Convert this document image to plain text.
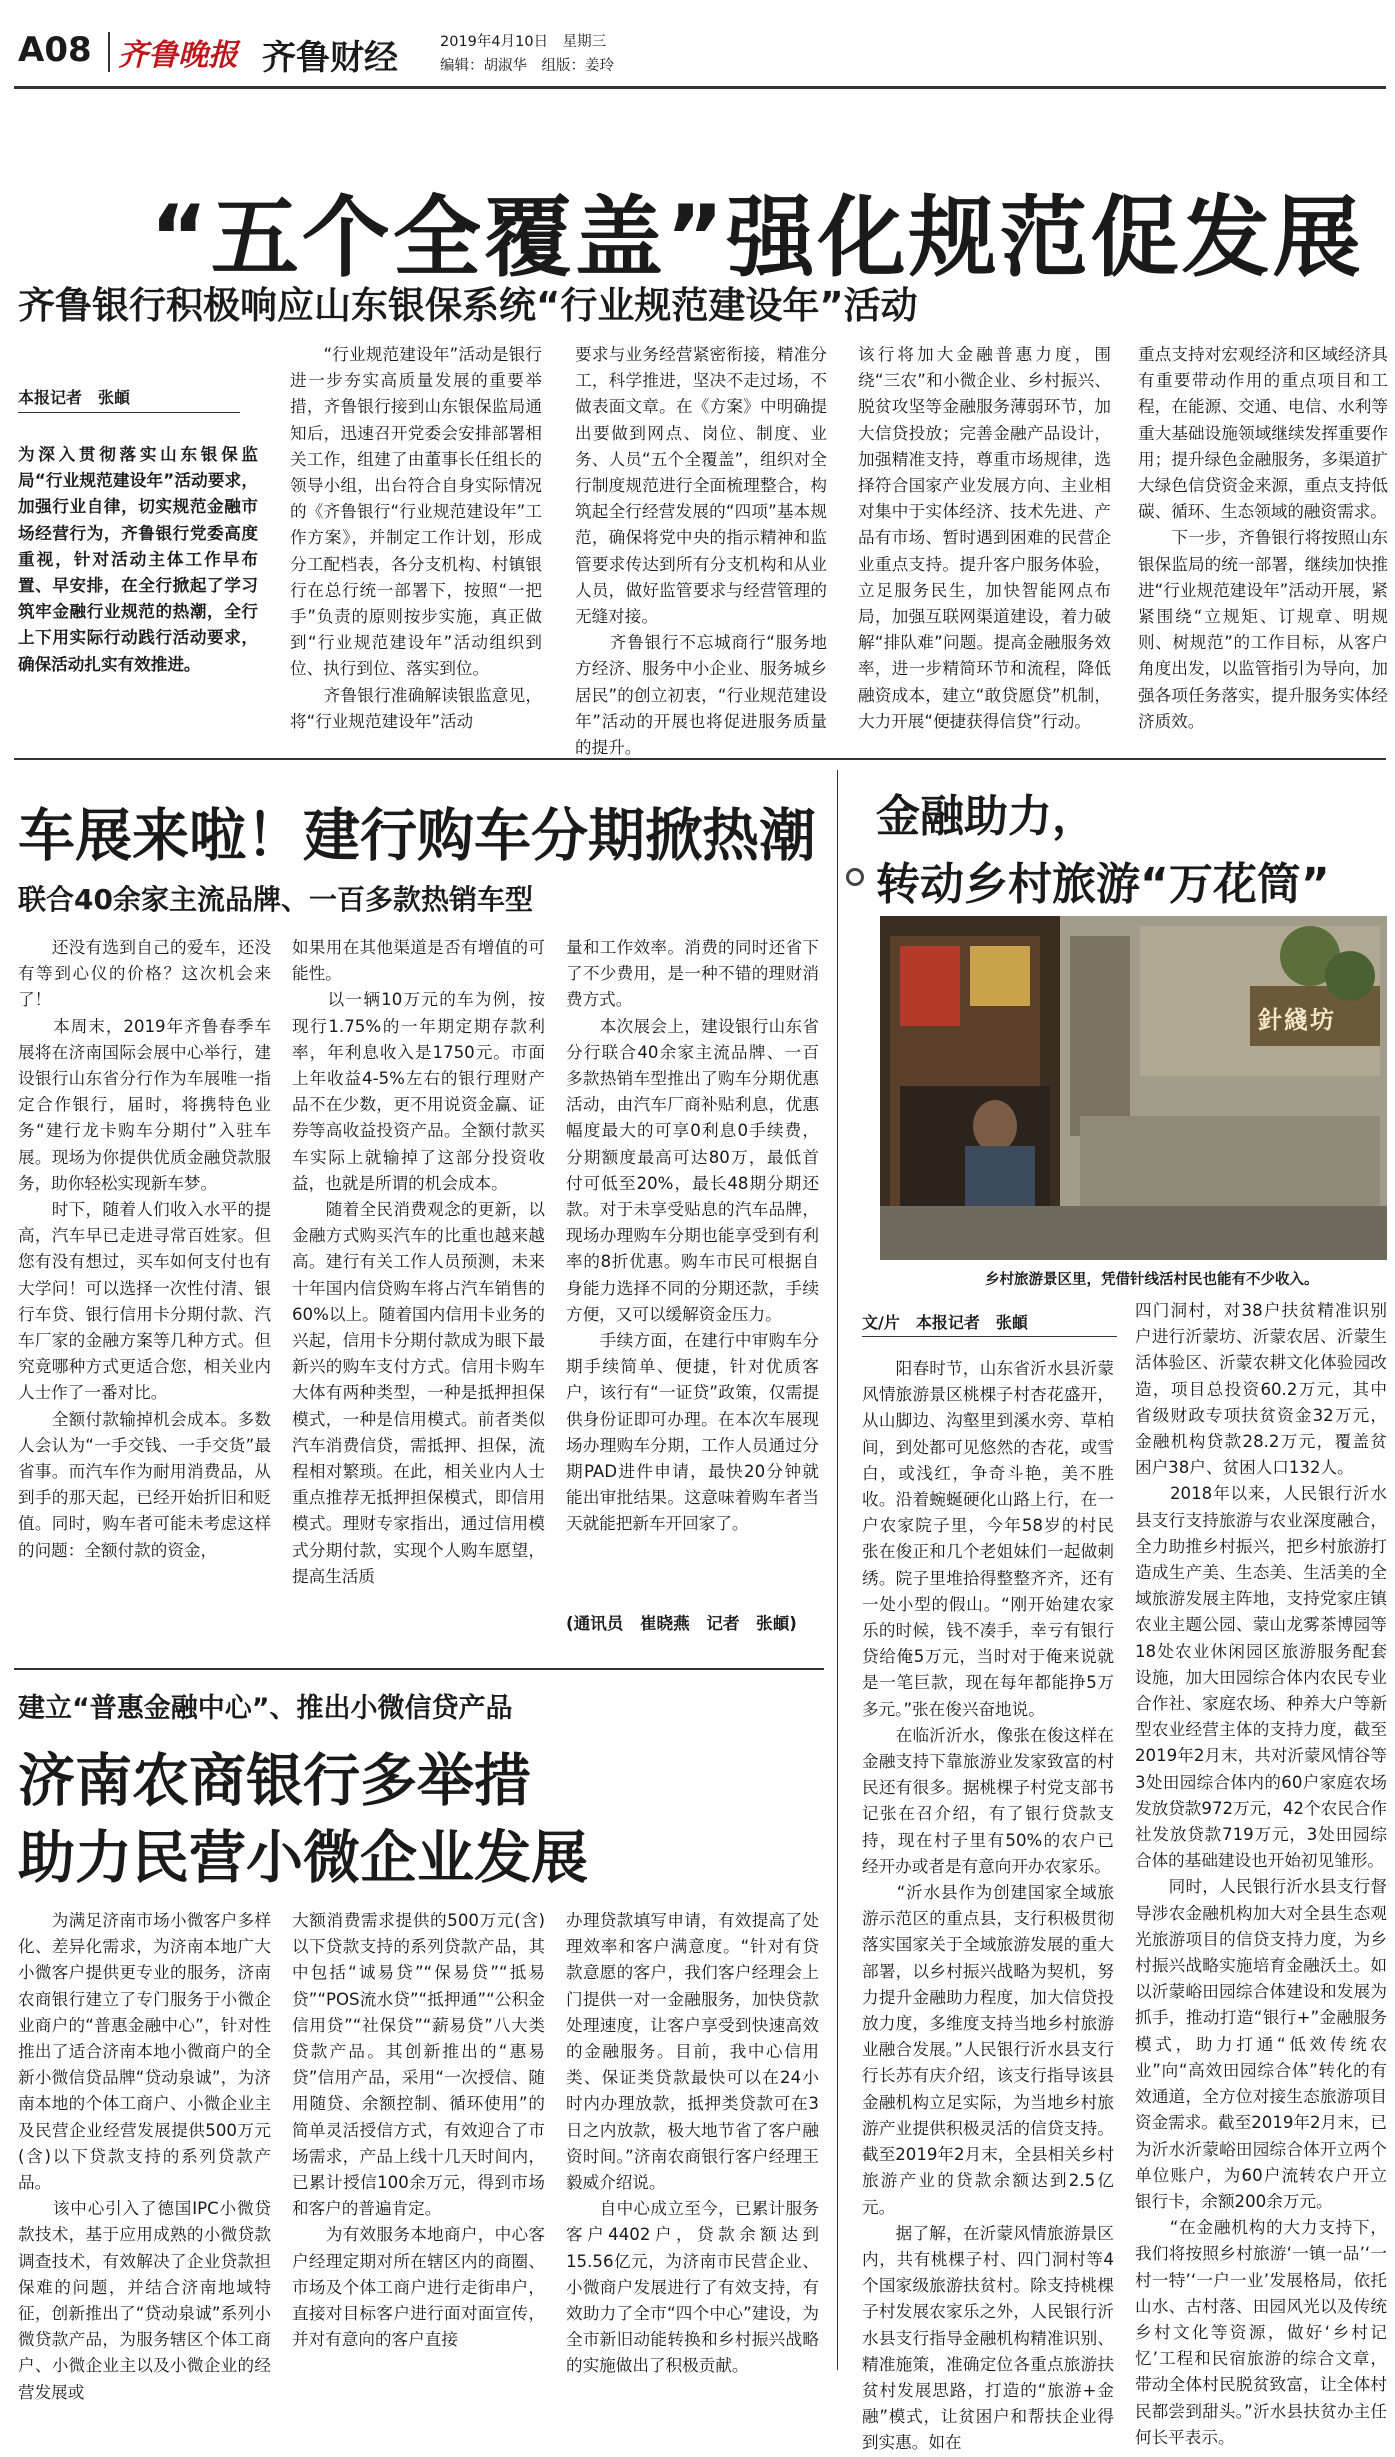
A08 齐鲁晚报 齐鲁财经	2019年4月10日　星期三
编辑：胡淑华　组版：姜玲
“五个全覆盖”强化规范促发展
齐鲁银行积极响应山东银保系统“行业规范建设年”活动
本报记者　张頔
为深入贯彻落实山东银保监局“行业规范建设年”活动要求，加强行业自律，切实规范金融市场经营行为，齐鲁银行党委高度重视，针对活动主体工作早布置、早安排，在全行掀起了学习筑牢金融行业规范的热潮，全行上下用实际行动践行活动要求，确保活动扎实有效推进。
　　“行业规范建设年”活动是银行进一步夯实高质量发展的重要举措，齐鲁银行接到山东银保监局通知后，迅速召开党委会安排部署相关工作，组建了由董事长任组长的领导小组，出台符合自身实际情况的《齐鲁银行“行业规范建设年”工作方案》，并制定工作计划，形成分工配档表，各分支机构、村镇银行在总行统一部署下，按照“一把手”负责的原则按步实施，真正做到“行业规范建设年”活动组织到位、执行到位、落实到位。
　　齐鲁银行准确解读银监意见，将“行业规范建设年”活动
要求与业务经营紧密衔接，精准分工，科学推进，坚决不走过场，不做表面文章。在《方案》中明确提出要做到网点、岗位、制度、业务、人员“五个全覆盖”，组织对全行制度规范进行全面梳理整合，构筑起全行经营发展的“四项”基本规范，确保将党中央的指示精神和监管要求传达到所有分支机构和从业人员，做好监管要求与经营管理的无缝对接。
　　齐鲁银行不忘城商行“服务地方经济、服务中小企业、服务城乡居民”的创立初衷，“行业规范建设年”活动的开展也将促进服务质量的提升。
该行将加大金融普惠力度，围绕“三农”和小微企业、乡村振兴、脱贫攻坚等金融服务薄弱环节，加大信贷投放；完善金融产品设计，加强精准支持，尊重市场规律，选择符合国家产业发展方向、主业相对集中于实体经济、技术先进、产品有市场、暂时遇到困难的民营企业重点支持。提升客户服务体验，立足服务民生，加快智能网点布局，加强互联网渠道建设，着力破解“排队难”问题。提高金融服务效率，进一步精简环节和流程，降低融资成本，建立“敢贷愿贷”机制，大力开展“便捷获得信贷”行动。
重点支持对宏观经济和区域经济具有重要带动作用的重点项目和工程，在能源、交通、电信、水利等重大基础设施领域继续发挥重要作用；提升绿色金融服务，多渠道扩大绿色信贷资金来源，重点支持低碳、循环、生态领域的融资需求。
　　下一步，齐鲁银行将按照山东银保监局的统一部署，继续加快推进“行业规范建设年”活动开展，紧紧围绕“立规矩、订规章、明规则、树规范”的工作目标，从客户角度出发，以监管指引为导向，加强各项任务落实，提升服务实体经济质效。
车展来啦！建行购车分期掀热潮
联合40余家主流品牌、一百多款热销车型
　　还没有选到自己的爱车，还没有等到心仪的价格？这次机会来了！
　　本周末，2019年齐鲁春季车展将在济南国际会展中心举行，建设银行山东省分行作为车展唯一指定合作银行，届时，将携特色业务“建行龙卡购车分期付”入驻车展。现场为你提供优质金融贷款服务，助你轻松实现新车梦。
　　时下，随着人们收入水平的提高，汽车早已走进寻常百姓家。但您有没有想过，买车如何支付也有大学问！可以选择一次性付清、银行车贷、银行信用卡分期付款、汽车厂家的金融方案等几种方式。但究竟哪种方式更适合您，相关业内人士作了一番对比。
　　全额付款输掉机会成本。多数人会认为“一手交钱、一手交货”最省事。而汽车作为耐用消费品，从到手的那天起，已经开始折旧和贬值。同时，购车者可能未考虑这样的问题：全额付款的资金，
如果用在其他渠道是否有增值的可能性。
　　以一辆10万元的车为例，按现行1.75%的一年期定期存款利率，年利息收入是1750元。市面上年收益4-5%左右的银行理财产品不在少数，更不用说资金赢、证券等高收益投资产品。全额付款买车实际上就输掉了这部分投资收益，也就是所谓的机会成本。
　　随着全民消费观念的更新，以金融方式购买汽车的比重也越来越高。建行有关工作人员预测，未来十年国内信贷购车将占汽车销售的60%以上。随着国内信用卡业务的兴起，信用卡分期付款成为眼下最新兴的购车支付方式。信用卡购车大体有两种类型，一种是抵押担保模式，一种是信用模式。前者类似汽车消费信贷，需抵押、担保，流程相对繁琐。在此，相关业内人士重点推荐无抵押担保模式，即信用模式。理财专家指出，通过信用模式分期付款，实现个人购车愿望，提高生活质
量和工作效率。消费的同时还省下了不少费用，是一种不错的理财消费方式。
　　本次展会上，建设银行山东省分行联合40余家主流品牌、一百多款热销车型推出了购车分期优惠活动，由汽车厂商补贴利息，优惠幅度最大的可享0利息0手续费，分期额度最高可达80万，最低首付可低至20%，最长48期分期还款。对于未享受贴息的汽车品牌，现场办理购车分期也能享受到有利率的8折优惠。购车市民可根据自身能力选择不同的分期还款，手续方便，又可以缓解资金压力。
　　手续方面，在建行中审购车分期手续简单、便捷，针对优质客户，该行有“一证贷”政策，仅需提供身份证即可办理。在本次车展现场办理购车分期，工作人员通过分期PAD进件申请，最快20分钟就能出审批结果。这意味着购车者当天就能把新车开回家了。
(通讯员　崔晓燕　记者　张頔)
建立“普惠金融中心”、推出小微信贷产品
济南农商银行多举措
助力民营小微企业发展
　　为满足济南市场小微客户多样化、差异化需求，为济南本地广大小微客户提供更专业的服务，济南农商银行建立了专门服务于小微企业商户的“普惠金融中心”，针对性推出了适合济南本地小微商户的全新小微信贷品牌“贷动泉诚”，为济南本地的个体工商户、小微企业主及民营企业经营发展提供500万元(含)以下贷款支持的系列贷款产品。
　　该中心引入了德国IPC小微贷款技术，基于应用成熟的小微贷款调查技术，有效解决了企业贷款担保难的问题，并结合济南地域特征，创新推出了“贷动泉诚”系列小微贷款产品，为服务辖区个体工商户、小微企业主以及小微企业的经营发展或
大额消费需求提供的500万元(含)以下贷款支持的系列贷款产品，其中包括“诚易贷”“保易贷”“抵易贷”“POS流水贷”“抵押通”“公积金信用贷”“社保贷”“薪易贷”八大类贷款产品。其创新推出的“惠易贷”信用产品，采用“一次授信、随用随贷、余额控制、循环使用”的简单灵活授信方式，有效迎合了市场需求，产品上线十几天时间内，已累计授信100余万元，得到市场和客户的普遍肯定。
　　为有效服务本地商户，中心客户经理定期对所在辖区内的商圈、市场及个体工商户进行走街串户，直接对目标客户进行面对面宣传，并对有意向的客户直接
办理贷款填写申请，有效提高了处理效率和客户满意度。“针对有贷款意愿的客户，我们客户经理会上门提供一对一金融服务，加快贷款处理速度，让客户享受到快速高效的金融服务。目前，我中心信用类、保证类贷款最快可以在24小时内办理放款，抵押类贷款可在3日之内放款，极大地节省了客户融资时间。”济南农商银行客户经理王毅威介绍说。
　　自中心成立至今，已累计服务客户4402户，贷款余额达到15.56亿元，为济南市民营企业、小微商户发展进行了有效支持，有效助力了全市“四个中心”建设，为全市新旧动能转换和乡村振兴战略的实施做出了积极贡献。
金融助力，
转动乡村旅游“万花筒”
針綫坊
乡村旅游景区里，凭借针线活村民也能有不少收入。
文/片　本报记者　张頔
　　阳春时节，山东省沂水县沂蒙风情旅游景区桃棵子村杏花盛开，从山脚边、沟壑里到溪水旁、草柏间，到处都可见悠然的杏花，或雪白，或浅红，争奇斗艳，美不胜收。沿着蜿蜒硬化山路上行，在一户农家院子里，今年58岁的村民张在俊正和几个老姐妹们一起做刺绣。院子里堆拾得整整齐齐，还有一处小型的假山。“刚开始建农家乐的时候，钱不凑手，幸亏有银行贷给俺5万元，当时对于俺来说就是一笔巨款，现在每年都能挣5万多元。”张在俊兴奋地说。
　　在临沂沂水，像张在俊这样在金融支持下靠旅游业发家致富的村民还有很多。据桃棵子村党支部书记张在召介绍，有了银行贷款支持，现在村子里有50%的农户已经开办或者是有意向开办农家乐。
　　“沂水县作为创建国家全域旅游示范区的重点县，支行积极贯彻落实国家关于全域旅游发展的重大部署，以乡村振兴战略为契机，努力提升金融助力程度，加大信贷投放力度，多维度支持当地乡村旅游业融合发展。”人民银行沂水县支行行长苏有庆介绍，该支行指导该县金融机构立足实际，为当地乡村旅游产业提供积极灵活的信贷支持。截至2019年2月末，全县相关乡村旅游产业的贷款余额达到2.5亿元。
　　据了解，在沂蒙风情旅游景区内，共有桃棵子村、四门洞村等4个国家级旅游扶贫村。除支持桃棵子村发展农家乐之外，人民银行沂水县支行指导金融机构精准识别、精准施策，准确定位各重点旅游扶贫村发展思路，打造的“旅游+金融”模式，让贫困户和帮扶企业得到实惠。如在
四门洞村，对38户扶贫精准识别户进行沂蒙坊、沂蒙农居、沂蒙生活体验区、沂蒙农耕文化体验园改造，项目总投资60.2万元，其中省级财政专项扶贫资金32万元，金融机构贷款28.2万元，覆盖贫困户38户、贫困人口132人。
　　2018年以来，人民银行沂水县支行支持旅游与农业深度融合，全力助推乡村振兴，把乡村旅游打造成生产美、生态美、生活美的全域旅游发展主阵地，支持党家庄镇农业主题公园、蒙山龙雾茶博园等18处农业休闲园区旅游服务配套设施，加大田园综合体内农民专业合作社、家庭农场、种养大户等新型农业经营主体的支持力度，截至2019年2月末，共对沂蒙风情谷等3处田园综合体内的60户家庭农场发放贷款972万元，42个农民合作社发放贷款719万元，3处田园综合体的基础建设也开始初见雏形。
　　同时，人民银行沂水县支行督导涉农金融机构加大对全县生态观光旅游项目的信贷支持力度，为乡村振兴战略实施培育金融沃土。如以沂蒙峪田园综合体建设和发展为抓手，推动打造“银行+”金融服务模式，助力打通“低效传统农业”向“高效田园综合体”转化的有效通道，全方位对接生态旅游项目资金需求。截至2019年2月末，已为沂水沂蒙峪田园综合体开立两个单位账户，为60户流转农户开立银行卡，余额200余万元。
　　“在金融机构的大力支持下，我们将按照乡村旅游‘一镇一品’‘一村一特’‘一户一业’发展格局，依托山水、古村落、田园风光以及传统乡村文化等资源，做好‘乡村记忆’工程和民宿旅游的综合文章，带动全体村民脱贫致富，让全体村民都尝到甜头。”沂水县扶贫办主任何长平表示。
